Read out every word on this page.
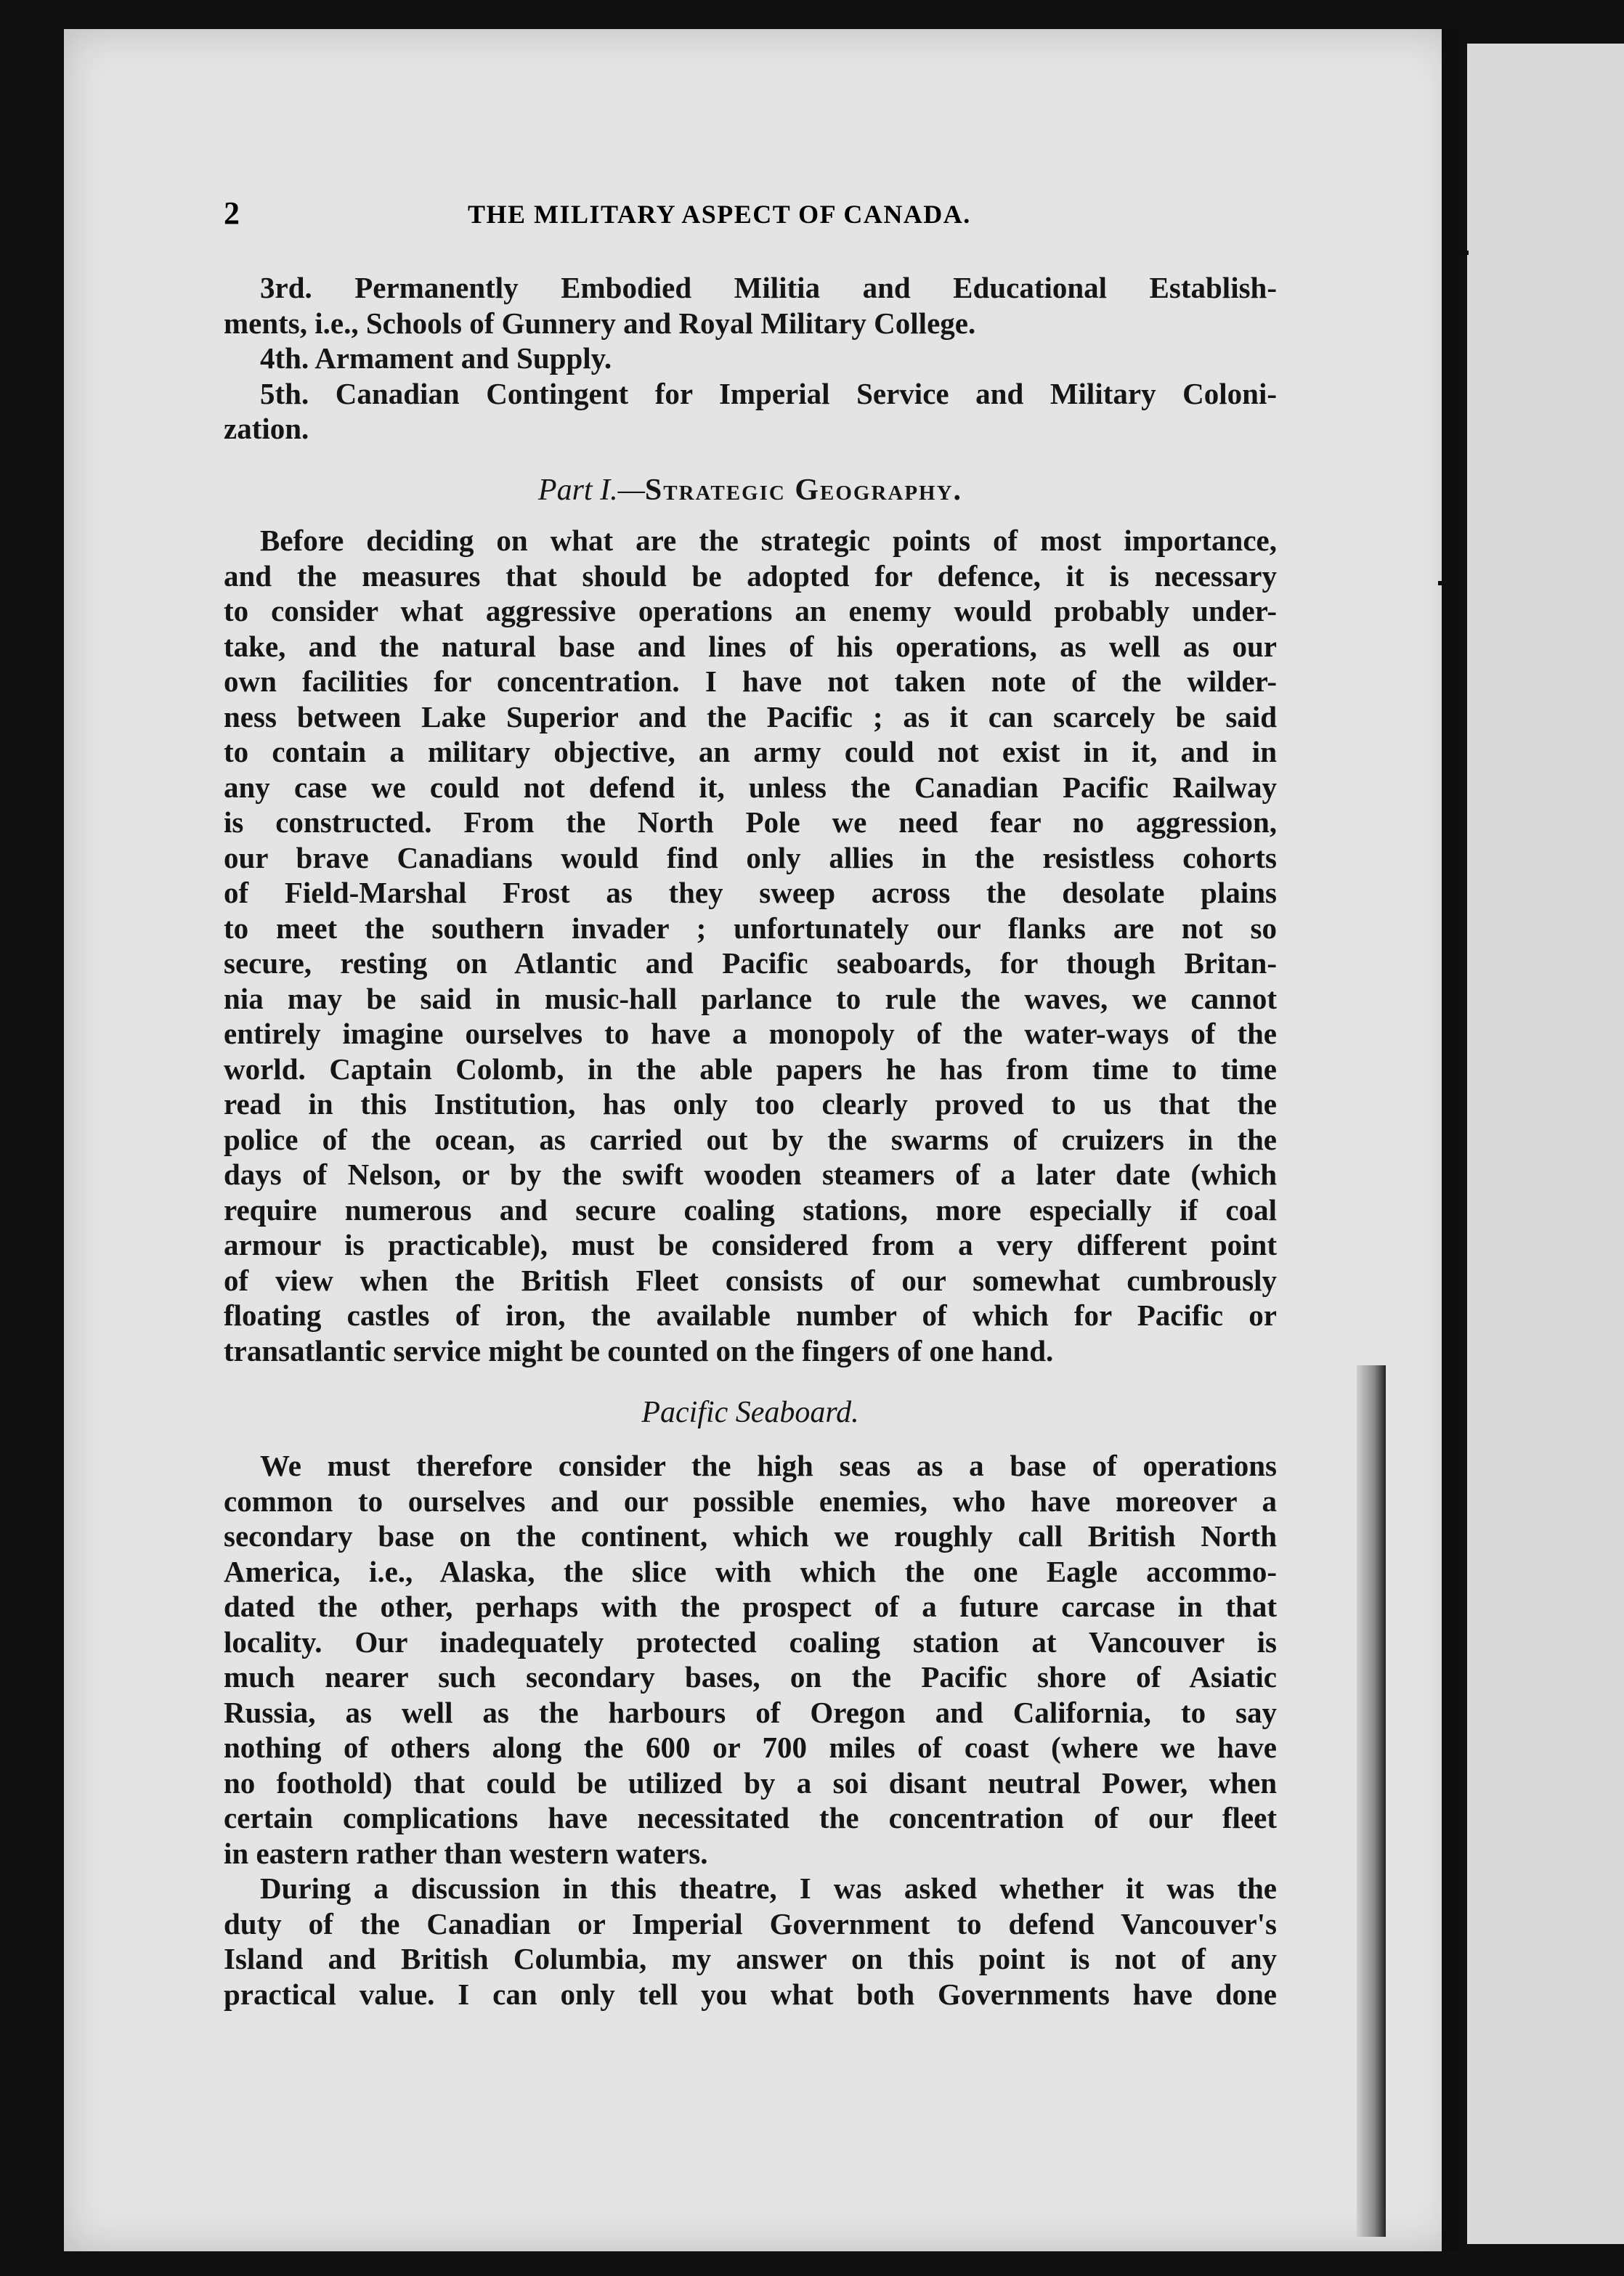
2	THE MILITARY ASPECT OF CANADA.
3rd. Permanently Embodied Militia and Educational Establish-
ments, i.e., Schools of Gunnery and Royal Military College.
4th. Armament and Supply.
5th. Canadian Contingent for Imperial Service and Military Coloni-
zation.
Part I.—Strategic Geography.
Before deciding on what are the strategic points of most importance,
and the measures that should be adopted for defence, it is necessary
to consider what aggressive operations an enemy would probably under-
take, and the natural base and lines of his operations, as well as our
own facilities for concentration. I have not taken note of the wilder-
ness between Lake Superior and the Pacific ; as it can scarcely be said
to contain a military objective, an army could not exist in it, and in
any case we could not defend it, unless the Canadian Pacific Railway
is constructed. From the North Pole we need fear no aggression,
our brave Canadians would find only allies in the resistless cohorts
of Field-Marshal Frost as they sweep across the desolate plains
to meet the southern invader ; unfortunately our flanks are not so
secure, resting on Atlantic and Pacific seaboards, for though Britan-
nia may be said in music-hall parlance to rule the waves, we cannot
entirely imagine ourselves to have a monopoly of the water-ways of the
world. Captain Colomb, in the able papers he has from time to time
read in this Institution, has only too clearly proved to us that the
police of the ocean, as carried out by the swarms of cruizers in the
days of Nelson, or by the swift wooden steamers of a later date (which
require numerous and secure coaling stations, more especially if coal
armour is practicable), must be considered from a very different point
of view when the British Fleet consists of our somewhat cumbrously
floating castles of iron, the available number of which for Pacific or
transatlantic service might be counted on the fingers of one hand.
Pacific Seaboard.
We must therefore consider the high seas as a base of operations
common to ourselves and our possible enemies, who have moreover a
secondary base on the continent, which we roughly call British North
America, i.e., Alaska, the slice with which the one Eagle accommo-
dated the other, perhaps with the prospect of a future carcase in that
locality. Our inadequately protected coaling station at Vancouver is
much nearer such secondary bases, on the Pacific shore of Asiatic
Russia, as well as the harbours of Oregon and California, to say
nothing of others along the 600 or 700 miles of coast (where we have
no foothold) that could be utilized by a soi disant neutral Power, when
certain complications have necessitated the concentration of our fleet
in eastern rather than western waters.
During a discussion in this theatre, I was asked whether it was the
duty of the Canadian or Imperial Government to defend Vancouver's
Island and British Columbia, my answer on this point is not of any
practical value. I can only tell you what both Governments have done
